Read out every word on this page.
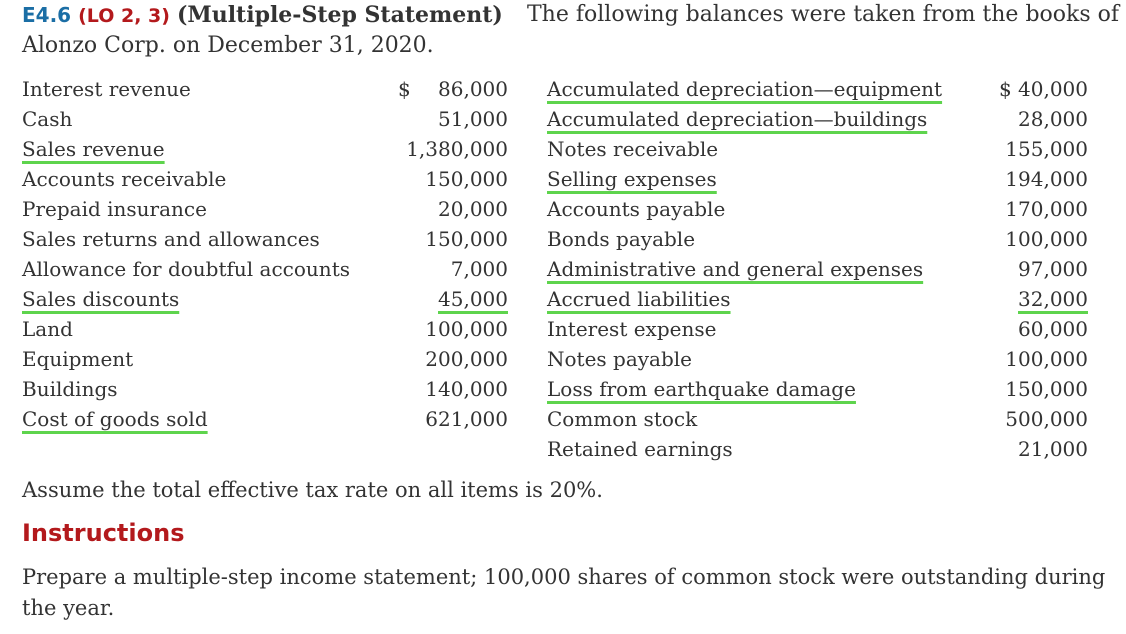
E4.6 (LO 2, 3) (Multiple-Step Statement) The following balances were taken from the books of
Alonzo Corp. on December 31, 2020.
Interest revenue
Cash
Sales revenue
Accounts receivable
Prepaid insurance
Sales returns and allowances
Allowance for doubtful accounts
Sales discounts
Land
Equipment
Buildings
Cost of goods sold
$ 86,000
51,000
1,380,000
150,000
20,000
150,000
7,000
45,000
100,000
200,000
140,000
621,000
Accumulated depreciation—equipment
Accumulated depreciation—buildings
Notes receivable
Selling expenses
Accounts payable
Bonds payable
Administrative and general expenses
Accrued liabilities
Interest expense
Notes payable
Loss from earthquake damage
Common stock
Retained earnings
$ 40,000
28,000
155,000
194,000
170,000
100,000
97,000
32,000
60,000
100,000
150,000
500,000
21,000
Assume the total effective tax rate on all items is 20%.
Instructions
Prepare a multiple-step income statement; 100,000 shares of common stock were outstanding during
the year.
